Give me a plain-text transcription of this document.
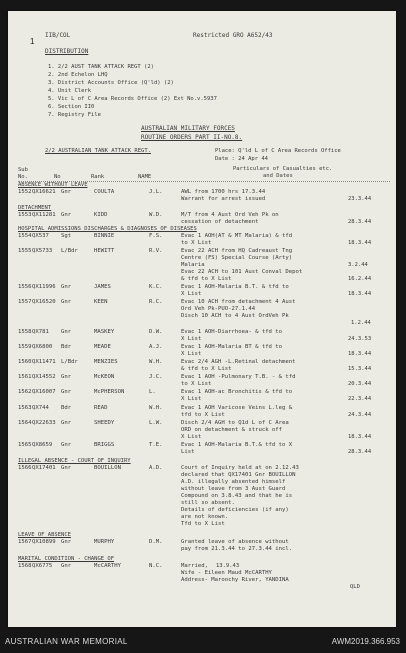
1
IIB/COL	Restricted GRO A652/43
DISTRIBUTION
1. 2/2 AUST TANK ATTACK REGT (2)
2. 2nd Echelon LHQ
3. District Accounts Office (Q'ld) (2)
4. Unit Clerk
5. Vic L of C Area Records Office (2) Ext No.v.5937
6. Section II0
7. Registry File
AUSTRALIAN MILITARY FORCES
ROUTINE ORDERS PART II-NO.8.
2/2 AUSTRALIAN TANK ATTACK REGT.	Place: Q'ld L of C Area Records Office
Date : 24 Apr 44
Sub
No.	No	Rank	NAME
Particulars of Casualties etc.
and Dates
ABSENCE WITHOUT LEAVE
1552 QX16621 Gnr	COULTA	J.L.	AWL from 1700 hrs 17.3.44
Warrant for arrest issued	23.3.44
DETACHMENT
1553 QX11281 Gnr	KIDD	W.D.	M/T from 4 Aust Ord Veh Pk on
cessation of detachment	28.3.44
HOSPITAL ADMISSIONS DISCHARGES & DIAGNOSES OF DISEASES
1554 QX537 Sgt	BINNIE	F.S.	Evac 1 AOH(AT & MT Malaria) & tfd
to X List	18.3.44
1555 QX5733 L/Bdr	HEWITT	R.V.	Evac 22 ACH from HQ Cadreaust Tng
Centre (FS) Special Course (Arty)
Malaria	3.2.44
Evac 22 ACH to 101 Aust Conval Depot
& tfd to X List	16.2.44
1556 QX11996 Gnr	JAMES	K.C.	Evac 1 AOH-Malaria B.T. & tfd to
X List	18.3.44
1557 QX16520 Gnr	KEEN	R.C.	Evac 10 ACH from detachment 4 Aust
Ord Veh Pk-PUO-27.1.44
Disch 10 ACH to 4 Aust OrdVeh Pk
1.2.44
1558 QX781 Gnr	MASKEY	D.W.	Evac 1 AOH-Diarrhoea- & tfd to
X List	24.3.53
1559 QX6800 Bdr	MEADE	A.J.	Evac 1 AOH-Malaria BT & tfd to
X List	18.3.44
1560 QX11471 L/Bdr	MENZIES	W.H.	Evac 2/4 AGH -L.Retinal detachment
& tfd to X List	15.3.44
1561 QX14552 Gnr	McKEON	J.C.	Evac 1 AOH -Pulmonary T.B. - & tfd
to X List	20.3.44
1562 QX16007 Gnr	McPHERSON	L.	Evac 1 AOH-ac Bronchitis & tfd to
X List	22.3.44
1563 QX744 Bdr	READ	W.H.	Evac 1 AOH Varicose Veins L.leg &
tfd to X List	24.3.44
1564 QX22633 Gnr	SHEEDY	L.W.	Disch 2/4 AGH to Q1d L of C Area
ORD on detachment & struck off
X List	18.3.44
1565 QX8659 Gnr	BRIGGS	T.E.	Evac 1 AOH-Malaria B.T.& tfd to X
List	28.3.44
ILLEGAL ABSENCE - COURT OF INQUIRY
1566 QX17401 Gnr	BOUILLON	A.D.	Court of Inquiry held at on 2.12.43
declared that QX17401 Gnr BOUILLON
A.D. illegally absented himself
without leave from 3 Aust Guard
Compound on 3.8.43 and that he is
still so absent.
Details of deficiencies (if any)
are not known.
Tfd to X List
LEAVE OF ABSENCE
1567 QX10899 Gnr	MURPHY	D.M.	Granted leave of absence without
pay from 21.3.44 to 27.3.44 incl.
MARITAL CONDITION - CHANGE OF
1568 QX6775 Gnr	McCARTHY	N.C.	Married, 13.9.43
Wife - Eileen Maud McCARTHY
Address- Maroochy River, YANDINA
QLD
AUSTRALIAN WAR MEMORIAL	AWM2019.366.953
